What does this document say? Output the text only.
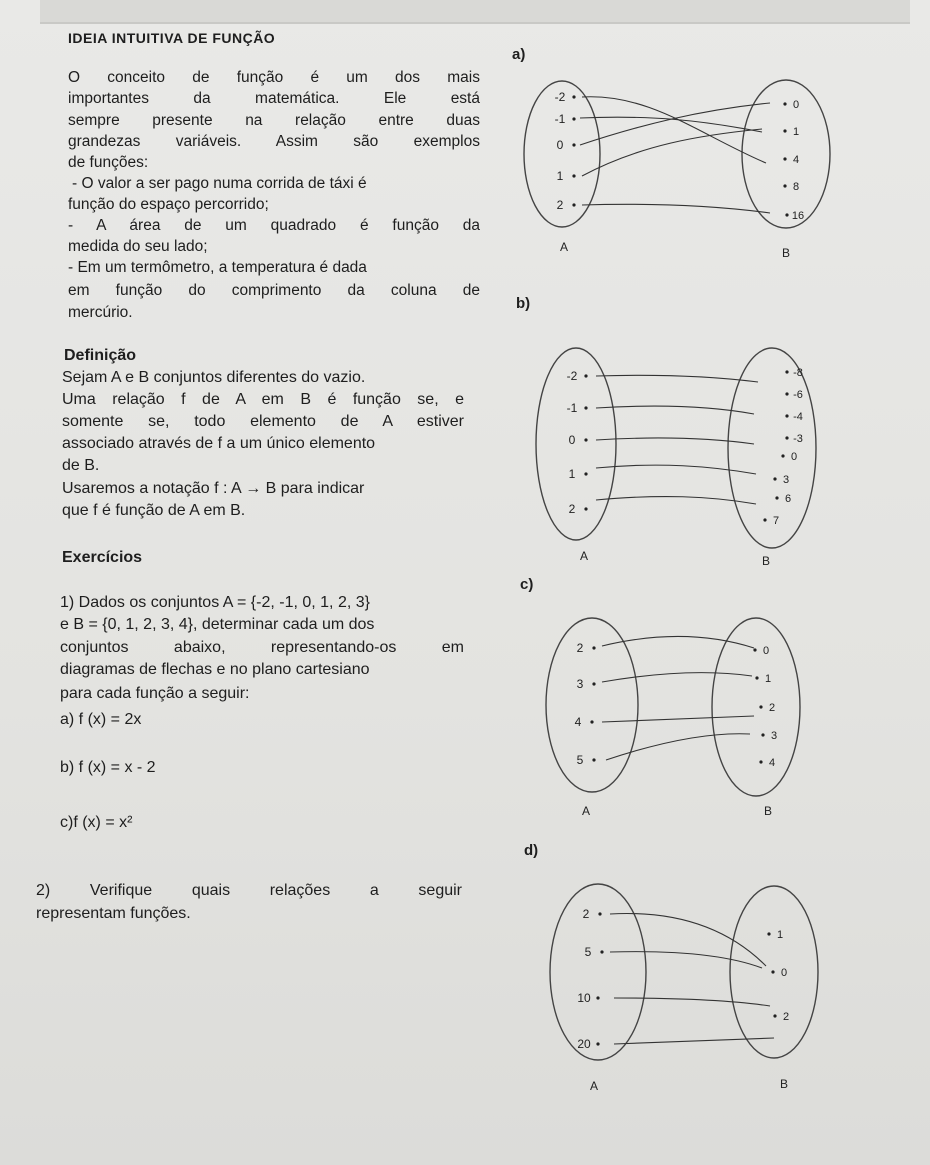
IDEIA INTUITIVA DE FUNÇÃO
O conceito de função é um dos mais
importantes da matemática. Ele está
sempre presente na relação entre duas
grandezas variáveis. Assim são exemplos
de funções:
- O valor a ser pago numa corrida de táxi é
função do espaço percorrido;
- A área de um quadrado é função da
medida do seu lado;
- Em um termômetro, a temperatura é dada
em função do comprimento da coluna de
mercúrio.
Definição
Sejam A e B conjuntos diferentes do vazio.
Uma relação f de A em B é função se, e
somente se, todo elemento de A estiver
associado através de f a um único elemento
de B.
Usaremos a notação f : A → B para indicar
que f é função de A em B.
Exercícios
1) Dados os conjuntos A = {-2, -1, 0, 1, 2, 3}
e B = {0, 1, 2, 3, 4}, determinar cada um dos
conjuntos abaixo, representando-os em
diagramas de flechas e no plano cartesiano
para cada função a seguir:
a) f (x) = 2x
b) f (x) = x - 2
c)f (x) = x²
2) Verifique quais relações a seguir
representam funções.
a)
b)
c)
d)
-2
-1
0
1
2
0
1
4
8
16
A	B
-2
-1
0
1
2
-8
-6
-4
-3
0
3
6
7
A	B
2
3
4
5
0
1
2
3
4
A	B
2
5
10
20
1
0
2
A	B
